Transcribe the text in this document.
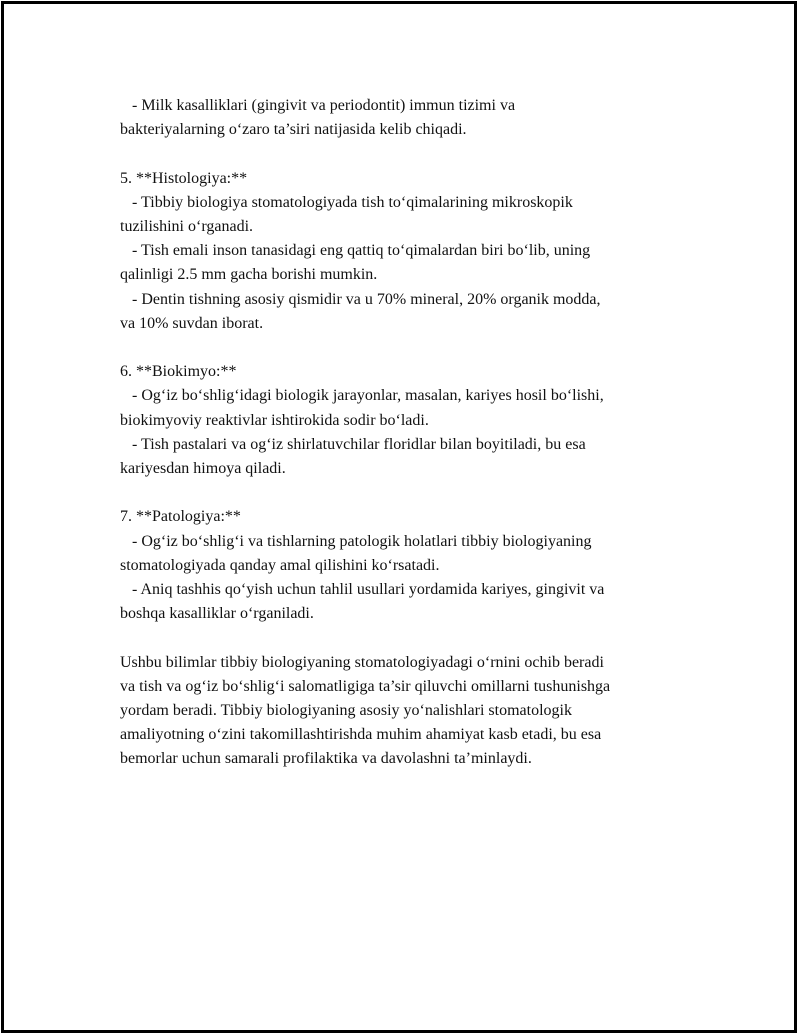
- Milk kasalliklari (gingivit va periodontit) immun tizimi va
bakteriyalarning o‘zaro ta’siri natijasida kelib chiqadi.
5. **Histologiya:**
- Tibbiy biologiya stomatologiyada tish to‘qimalarining mikroskopik
tuzilishini o‘rganadi.
- Tish emali inson tanasidagi eng qattiq to‘qimalardan biri bo‘lib, uning
qalinligi 2.5 mm gacha borishi mumkin.
- Dentin tishning asosiy qismidir va u 70% mineral, 20% organik modda,
va 10% suvdan iborat.
6. **Biokimyo:**
- Og‘iz bo‘shlig‘idagi biologik jarayonlar, masalan, kariyes hosil bo‘lishi,
biokimyoviy reaktivlar ishtirokida sodir bo‘ladi.
- Tish pastalari va og‘iz shirlatuvchilar floridlar bilan boyitiladi, bu esa
kariyesdan himoya qiladi.
7. **Patologiya:**
- Og‘iz bo‘shlig‘i va tishlarning patologik holatlari tibbiy biologiyaning
stomatologiyada qanday amal qilishini ko‘rsatadi.
- Aniq tashhis qo‘yish uchun tahlil usullari yordamida kariyes, gingivit va
boshqa kasalliklar o‘rganiladi.
Ushbu bilimlar tibbiy biologiyaning stomatologiyadagi o‘rnini ochib beradi
va tish va og‘iz bo‘shlig‘i salomatligiga ta’sir qiluvchi omillarni tushunishga
yordam beradi. Tibbiy biologiyaning asosiy yo‘nalishlari stomatologik
amaliyotning o‘zini takomillashtirishda muhim ahamiyat kasb etadi, bu esa
bemorlar uchun samarali profilaktika va davolashni ta’minlaydi.
